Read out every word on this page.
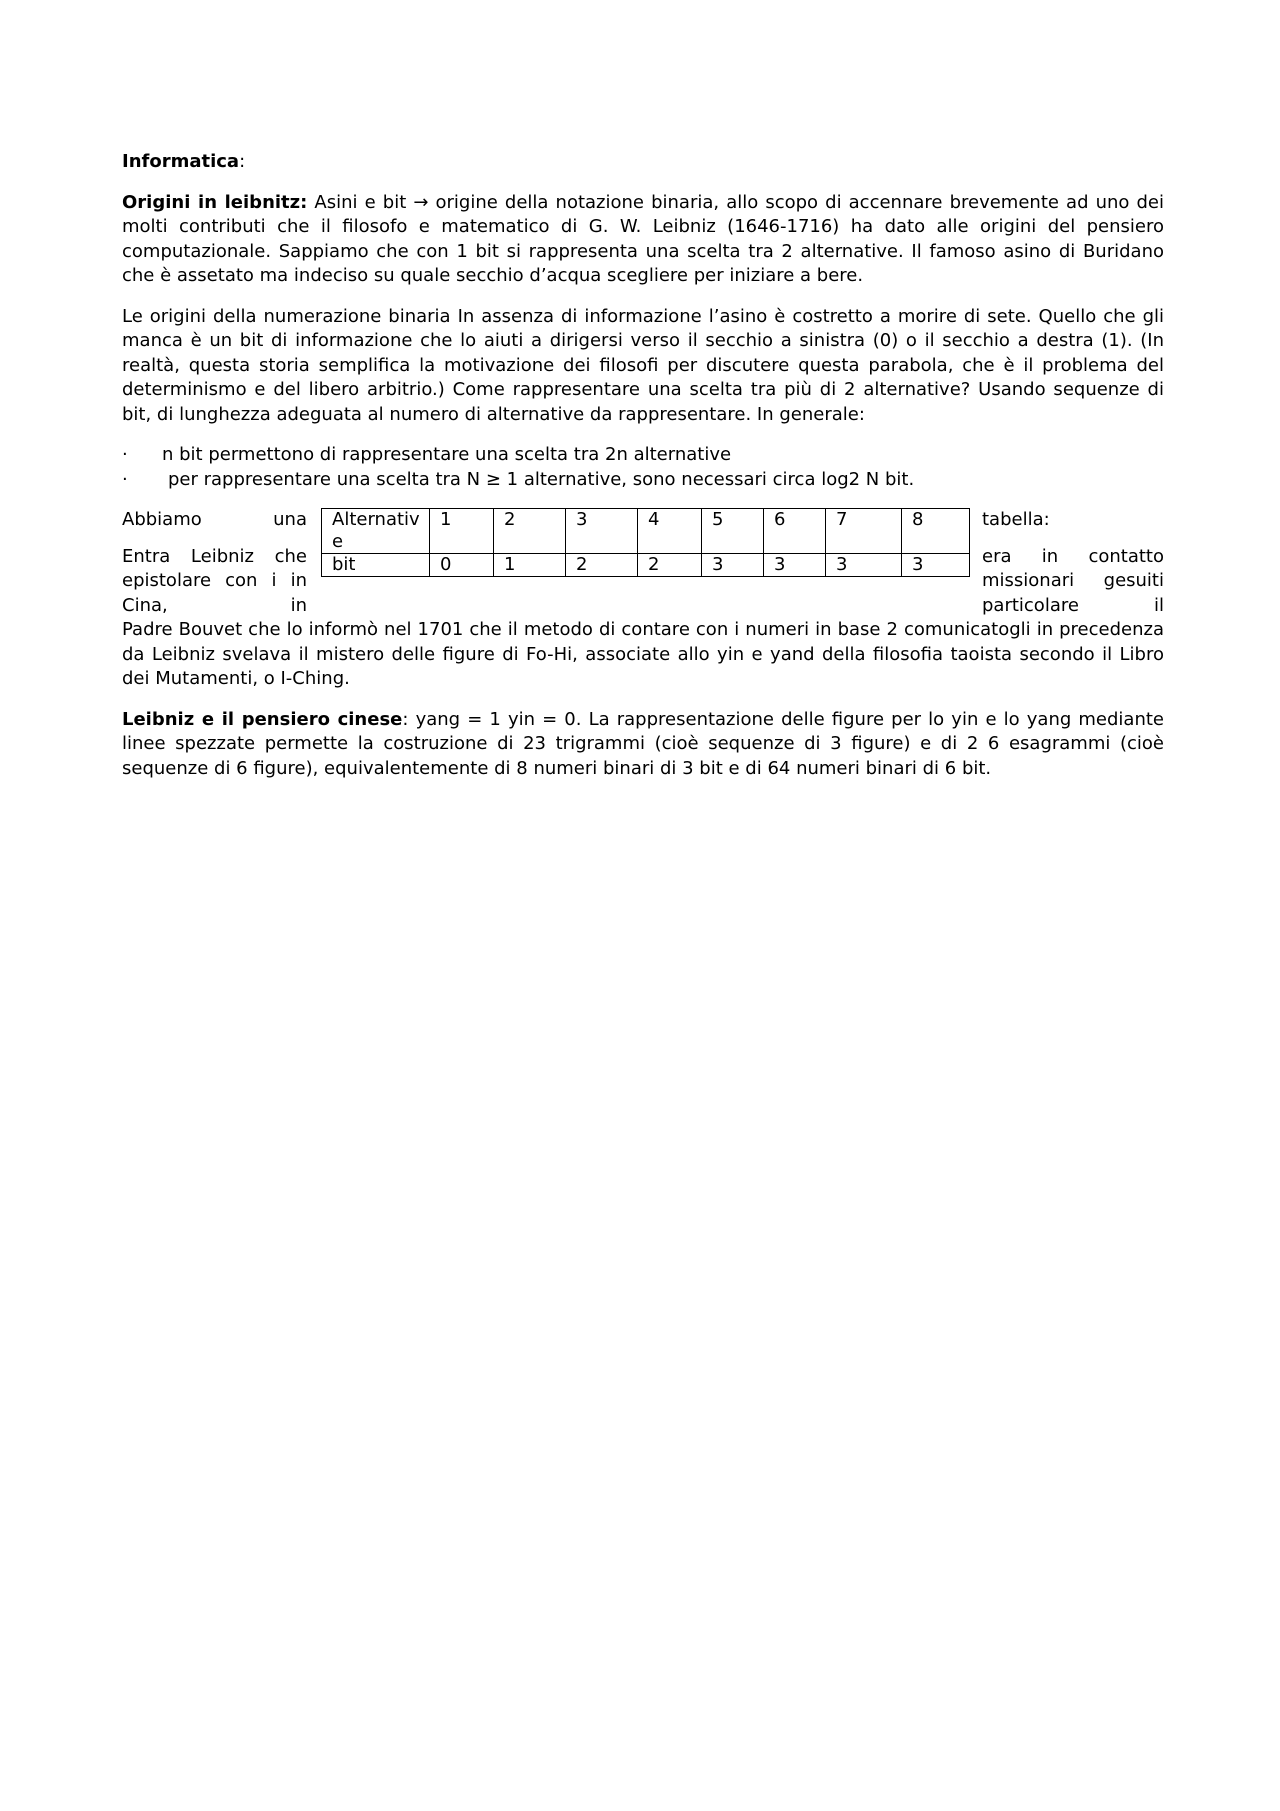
Informatica:

Origini in leibnitz: Asini e bit → origine della notazione binaria, allo scopo di accennare brevemente ad uno dei molti contributi che il filosofo e matematico di G. W. Leibniz (1646-1716) ha dato alle origini del pensiero computazionale. Sappiamo che con 1 bit si rappresenta una scelta tra 2 alternative. Il famoso asino di Buridano che è assetato ma indeciso su quale secchio d’acqua scegliere per iniziare a bere.

Le origini della numerazione binaria In assenza di informazione l’asino è costretto a morire di sete. Quello che gli manca è un bit di informazione che lo aiuti a dirigersi verso il secchio a sinistra (0) o il secchio a destra (1). (In realtà, questa storia semplifica la motivazione dei filosofi per discutere questa parabola, che è il problema del determinismo e del libero arbitrio.) Come rappresentare una scelta tra più di 2 alternative? Usando sequenze di bit, di lunghezza adeguata al numero di alternative da rappresentare. In generale:

· n bit permettono di rappresentare una scelta tra 2n alternative
· per rappresentare una scelta tra N ≥ 1 alternative, sono necessari circa log2 N bit.

Abbiamo una

Entra Leibniz che epistolare con i in Cina, in

Alternative	1	2	3	4	5	6	7	8
bit	0	1	2	2	3	3	3	3

tabella:

era in contatto missionari gesuiti particolare il

Padre Bouvet che lo informò nel 1701 che il metodo di contare con i numeri in base 2 comunicatogli in precedenza da Leibniz svelava il mistero delle figure di Fo-Hi, associate allo yin e yand della filosofia taoista secondo il Libro dei Mutamenti, o I-Ching.

Leibniz e il pensiero cinese: yang = 1 yin = 0. La rappresentazione delle figure per lo yin e lo yang mediante linee spezzate permette la costruzione di 23 trigrammi (cioè sequenze di 3 figure) e di 2 6 esagrammi (cioè sequenze di 6 figure), equivalentemente di 8 numeri binari di 3 bit e di 64 numeri binari di 6 bit.
